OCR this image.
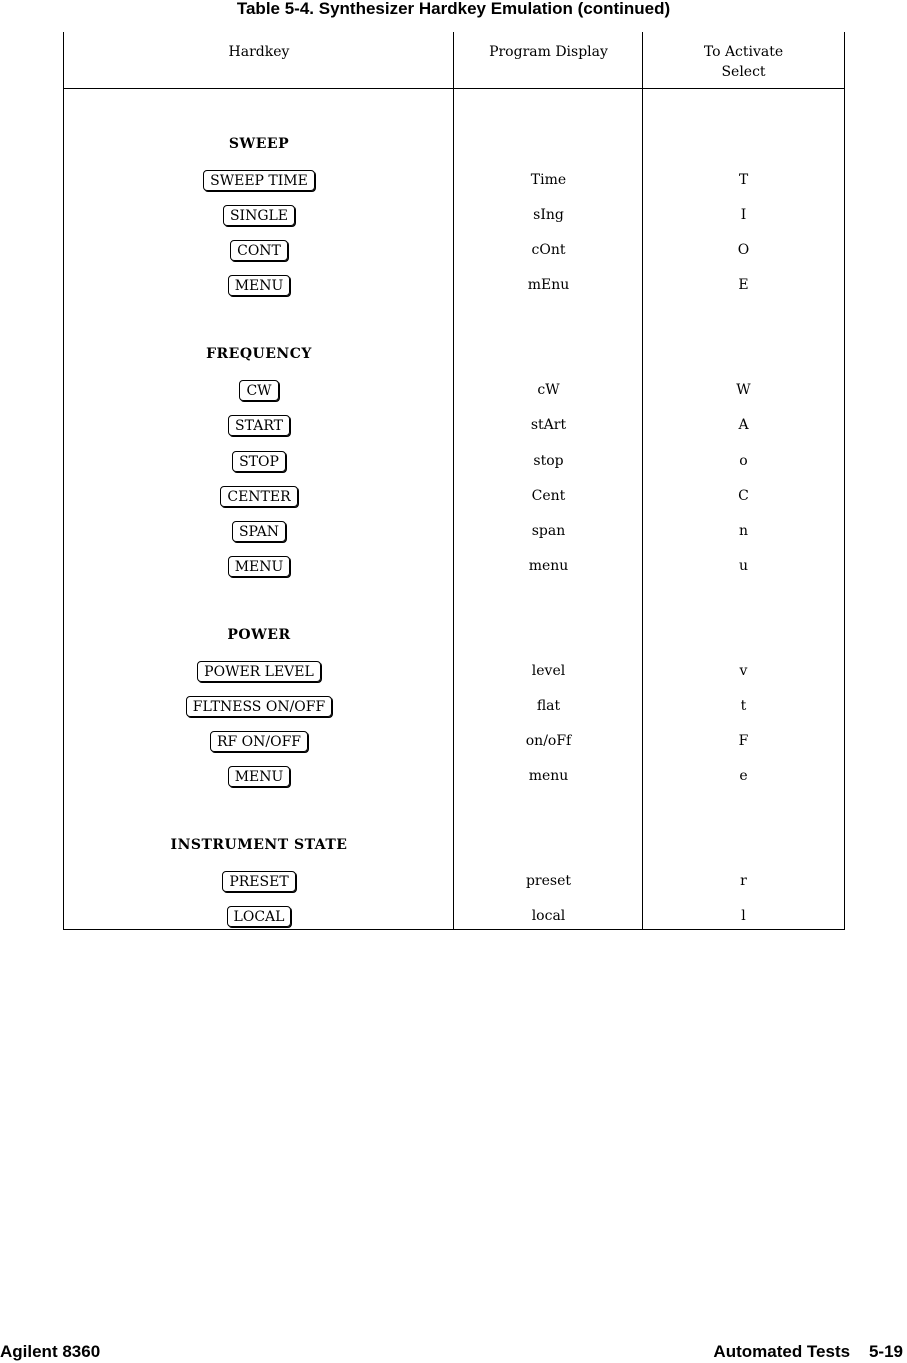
Table 5-4. Synthesizer Hardkey Emulation (continued)
Hardkey	Program Display	To Activate
Select
SWEEP
SWEEP TIME	Time	T
SINGLE	sIng	I
CONT	cOnt	O
MENU	mEnu	E
FREQUENCY
CW	cW	W
START	stArt	A
STOP	stop	o
CENTER	Cent	C
SPAN	span	n
MENU	menu	u
POWER
POWER LEVEL	level	v
FLTNESS ON/OFF	flat	t
RF ON/OFF	on/oFf	F
MENU	menu	e
INSTRUMENT STATE
PRESET	preset	r
LOCAL	local	l
Agilent 8360	Automated Tests    5-19
